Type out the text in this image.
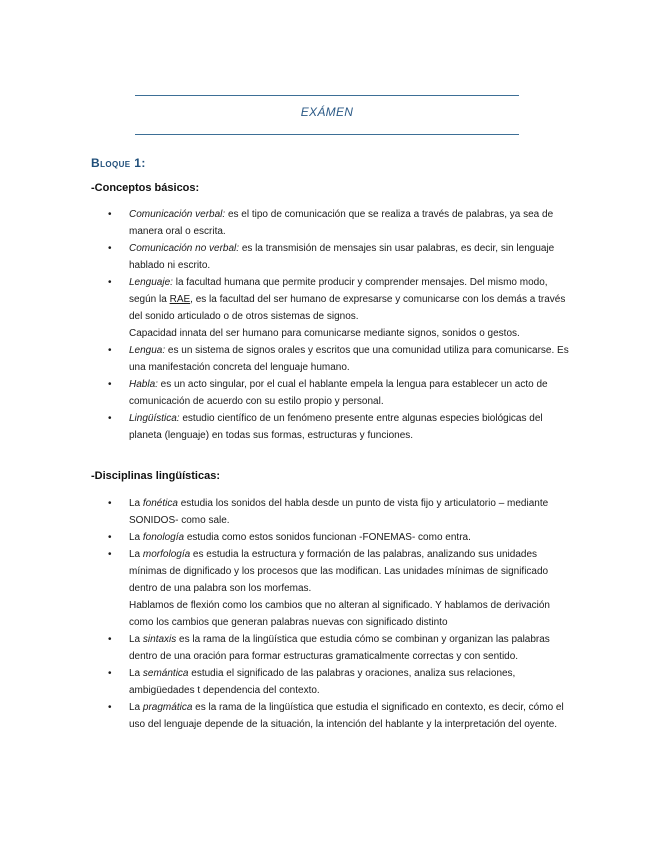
EXÁMEN
Bloque 1:
-Conceptos básicos:
• Comunicación verbal: es el tipo de comunicación que se realiza a través de palabras, ya sea de manera oral o escrita.
• Comunicación no verbal: es la transmisión de mensajes sin usar palabras, es decir, sin lenguaje hablado ni escrito.
• Lenguaje: la facultad humana que permite producir y comprender mensajes. Del mismo modo, según la RAE, es la facultad del ser humano de expresarse y comunicarse con los demás a través del sonido articulado o de otros sistemas de signos.
Capacidad innata del ser humano para comunicarse mediante signos, sonidos o gestos.
• Lengua: es un sistema de signos orales y escritos que una comunidad utiliza para comunicarse. Es una manifestación concreta del lenguaje humano.
• Habla: es un acto singular, por el cual el hablante empela la lengua para establecer un acto de comunicación de acuerdo con su estilo propio y personal.
• Lingüística: estudio científico de un fenómeno presente entre algunas especies biológicas del planeta (lenguaje) en todas sus formas, estructuras y funciones.
-Disciplinas lingüísticas:
• La fonética estudia los sonidos del habla desde un punto de vista fijo y articulatorio – mediante SONIDOS- como sale.
• La fonología estudia como estos sonidos funcionan -FONEMAS- como entra.
• La morfología es estudia la estructura y formación de las palabras, analizando sus unidades mínimas de dignificado y los procesos que las modifican. Las unidades mínimas de significado dentro de una palabra son los morfemas.
Hablamos de flexión como los cambios que no alteran al significado. Y hablamos de derivación como los cambios que generan palabras nuevas con significado distinto
• La sintaxis es la rama de la lingüística que estudia cómo se combinan y organizan las palabras dentro de una oración para formar estructuras gramaticalmente correctas y con sentido.
• La semántica estudia el significado de las palabras y oraciones, analiza sus relaciones, ambigüedades t dependencia del contexto.
• La pragmática es la rama de la lingüística que estudia el significado en contexto, es decir, cómo el uso del lenguaje depende de la situación, la intención del hablante y la interpretación del oyente.
